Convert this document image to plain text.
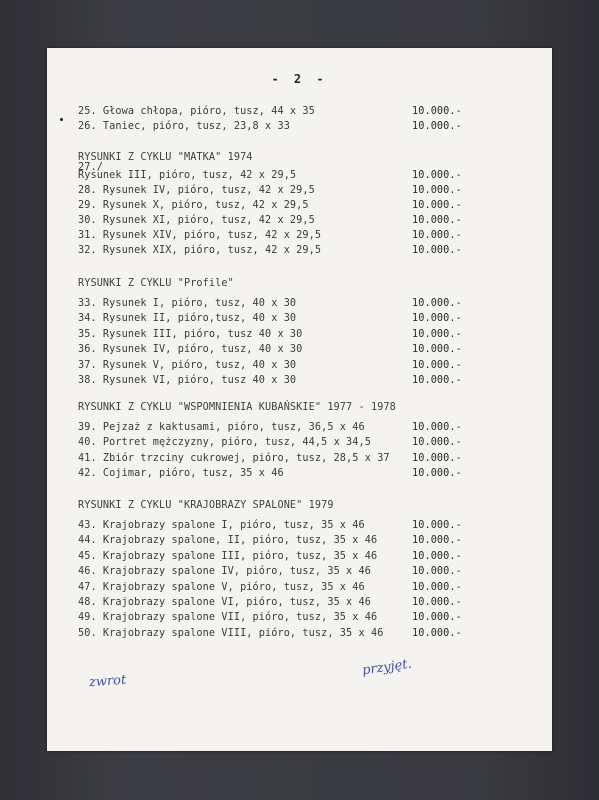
- 2 -
25. Głowa chłopa, pióro, tusz, 44 x 35	10.000.-
26. Taniec, pióro, tusz, 23,8 x 33	10.000.-
RYSUNKI Z CYKLU "MATKA" 1974
27./
Rysunek III, pióro, tusz, 42 x 29,5	10.000.-
28. Rysunek IV, pióro, tusz, 42 x 29,5	10.000.-
29. Rysunek X, pióro, tusz, 42 x 29,5	10.000.-
30. Rysunek XI, pióro, tusz, 42 x 29,5	10.000.-
31. Rysunek XIV, pióro, tusz, 42 x 29,5	10.000.-
32. Rysunek XIX, pióro, tusz, 42 x 29,5	10.000.-
RYSUNKI Z CYKLU "Profile"
33. Rysunek I, pióro, tusz, 40 x 30	10.000.-
34. Rysunek II, pióro,tusz, 40 x 30	10.000.-
35. Rysunek III, pióro, tusz 40 x 30	10.000.-
36. Rysunek IV, pióro, tusz, 40 x 30	10.000.-
37. Rysunek V, pióro, tusz, 40 x 30	10.000.-
38. Rysunek VI, pióro, tusz 40 x 30	10.000.-
RYSUNKI Z CYKLU "WSPOMNIENIA KUBAŃSKIE" 1977 - 1978
39. Pejzaż z kaktusami, pióro, tusz, 36,5 x 46	10.000.-
40. Portret mężczyzny, pióro, tusz, 44,5 x 34,5	10.000.-
41. Zbiór trzciny cukrowej, pióro, tusz, 28,5 x 37 10.000.-
42. Cojimar, pióro, tusz, 35 x 46	10.000.-
RYSUNKI Z CYKLU "KRAJOBRAZY SPALONE" 1979
43. Krajobrazy spalone I, pióro, tusz, 35 x 46	10.000.-
44. Krajobrazy spalone, II, pióro, tusz, 35 x 46	10.000.-
45. Krajobrazy spalone III, pióro, tusz, 35 x 46	10.000.-
46. Krajobrazy spalone IV, pióro, tusz, 35 x 46	10.000.-
47. Krajobrazy spalone V, pióro, tusz, 35 x 46	10.000.-
48. Krajobrazy spalone VI, pióro, tusz, 35 x 46	10.000.-
49. Krajobrazy spalone VII, pióro, tusz, 35 x 46	10.000.-
50. Krajobrazy spalone VIII, pióro, tusz, 35 x 46	10.000.-
zwrot
przyjęt.
